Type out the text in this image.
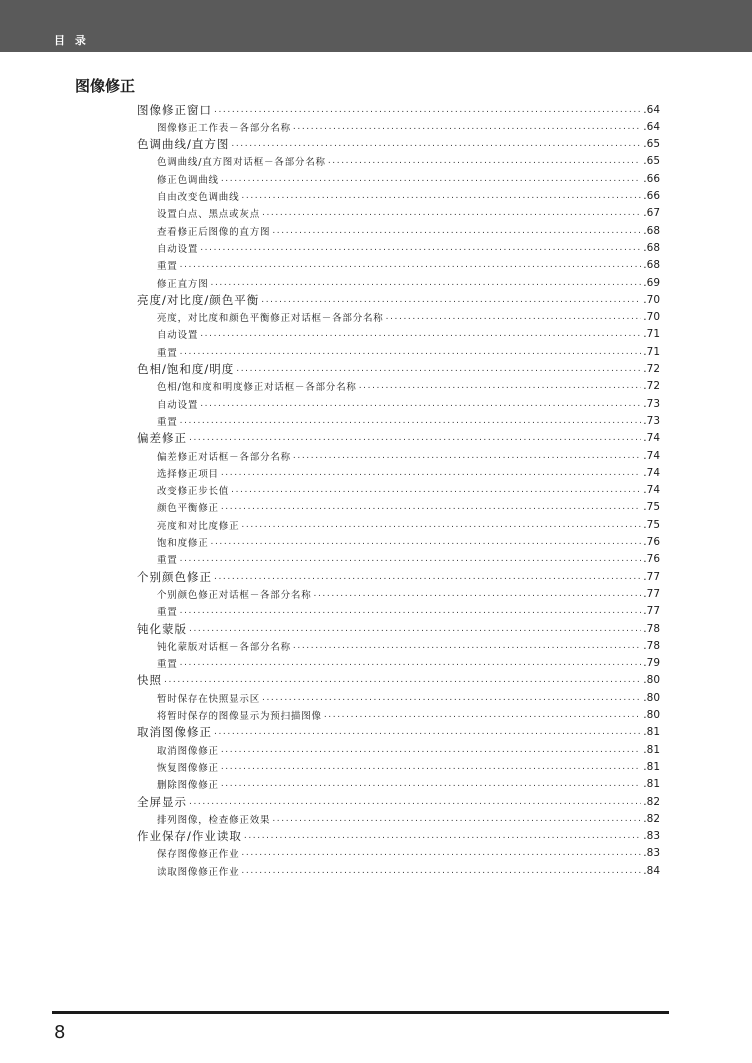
目 录
图像修正
图像修正窗口 .....	.64
图像修正工作表－各部分名称 .....	.64
色调曲线/直方图 .....	.65
色调曲线/直方图对话框－各部分名称 .....	.65
修正色调曲线 .....	.66
自由改变色调曲线 .....	.66
设置白点、黑点或灰点 .....	.67
查看修正后图像的直方图 .....	.68
自动设置 .....	.68
重置 .....	.68
修正直方图 .....	.69
亮度/对比度/颜色平衡 .....	.70
亮度，对比度和颜色平衡修正对话框－各部分名称 .....	.70
自动设置 .....	.71
重置 .....	.71
色相/饱和度/明度 .....	.72
色相/饱和度和明度修正对话框－各部分名称 .....	.72
自动设置 .....	.73
重置 .....	.73
偏差修正 .....	.74
偏差修正对话框－各部分名称 .....	.74
选择修正项目 .....	.74
改变修正步长值 .....	.74
颜色平衡修正 .....	.75
亮度和对比度修正 .....	.75
饱和度修正 .....	.76
重置 .....	.76
个别颜色修正 .....	.77
个别颜色修正对话框－各部分名称 .....	.77
重置 .....	.77
钝化蒙版 .....	.78
钝化蒙版对话框－各部分名称 .....	.78
重置 .....	.79
快照 .....	.80
暂时保存在快照显示区 .....	.80
将暂时保存的图像显示为预扫描图像 .....	.80
取消图像修正 .....	.81
取消图像修正 .....	.81
恢复图像修正 .....	.81
删除图像修正 .....	.81
全屏显示 .....	.82
排列图像，检查修正效果 .....	.82
作业保存/作业读取 .....	.83
保存图像修正作业 .....	.83
读取图像修正作业 .....	.84
8
